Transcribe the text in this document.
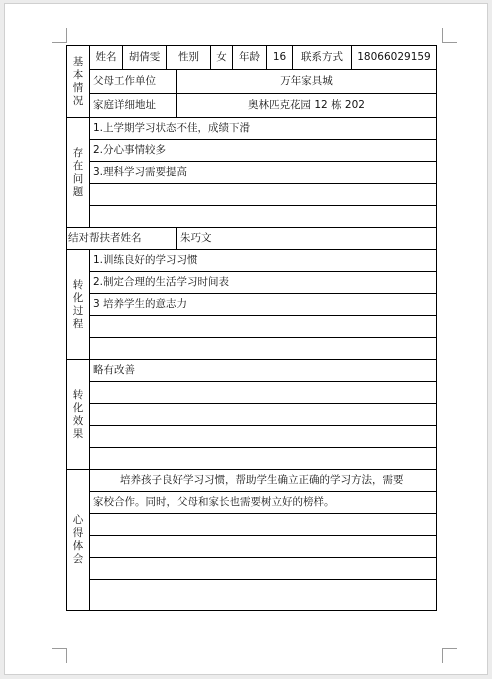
基本情况	姓名	胡倩雯	性别		女	年龄	16	联系方式	18066029159
	父母工作单位			万年家具城					
	家庭详细地址			奥林匹克花园 12 栋 202					

存在问题	1.上学期学习状态不佳，成绩下滑								
	2.分心事情较多								
	3.理科学习需要提高								

结对帮扶者姓名				朱巧文					

转化过程	1.训练良好的学习习惯								
	2.制定合理的生活学习时间表								
	3 培养学生的意志力								

转化效果	略有改善								

心得体会	培养孩子良好学习习惯，帮助学生确立正确的学习方法，需要								
	家校合作。同时，父母和家长也需要树立好的榜样。								
